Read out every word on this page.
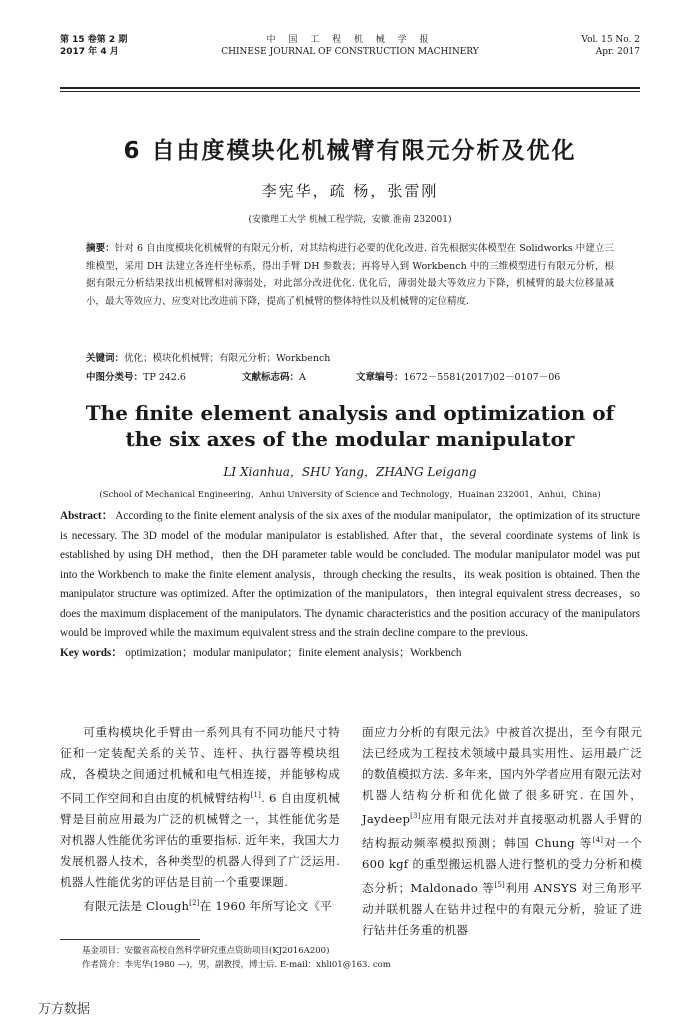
第 15 卷第 2 期
2017 年 4 月
中 国 工 程 机 械 学 报
CHINESE JOURNAL OF CONSTRUCTION MACHINERY
Vol. 15 No. 2
Apr. 2017
6 自由度模块化机械臂有限元分析及优化
李宪华，疏 杨，张雷刚
(安徽理工大学 机械工程学院，安徽 淮南 232001)
摘要：针对 6 自由度模块化机械臂的有限元分析，对其结构进行必要的优化改进. 首先根据实体模型在 Solidworks 中建立三维模型，采用 DH 法建立各连杆坐标系，得出手臂 DH 参数表；再将导入到 Workbench 中的三维模型进行有限元分析，根据有限元分析结果找出机械臂相对薄弱处，对此部分改进优化. 优化后，薄弱处最大等效应力下降，机械臂的最大位移量减小，最大等效应力、应变对比改进前下降，提高了机械臂的整体特性以及机械臂的定位精度.
关键词：优化；模块化机械臂；有限元分析；Workbench
中图分类号：TP 242.6	文献标志码：A	文章编号：1672－5581(2017)02－0107－06
The finite element analysis and optimization of
the six axes of the modular manipulator
LI Xianhua，SHU Yang，ZHANG Leigang
(School of Mechanical Engineering，Anhui University of Science and Technology，Huainan 232001，Anhui，China)
Abstract： According to the finite element analysis of the six axes of the modular manipulator，the optimization of its structure is necessary. The 3D model of the modular manipulator is established. After that，the several coordinate systems of link is established by using DH method，then the DH parameter table would be concluded. The modular manipulator model was put into the Workbench to make the finite element analysis，through checking the results，its weak position is obtained. Then the manipulator structure was optimized. After the optimization of the manipulators，then integral equivalent stress decreases，so does the maximum displacement of the manipulators. The dynamic characteristics and the position accuracy of the manipulators would be improved while the maximum equivalent stress and the strain decline compare to the previous.
Key words： optimization；modular manipulator；finite element analysis；Workbench

可重构模块化手臂由一系列具有不同功能尺寸特征和一定装配关系的关节、连杆、执行器等模块组成，各模块之间通过机械和电气相连接，并能够构成不同工作空间和自由度的机械臂结构[1]. 6 自由度机械臂是目前应用最为广泛的机械臂之一，其性能优劣是对机器人性能优劣评估的重要指标. 近年来，我国大力发展机器人技术，各种类型的机器人得到了广泛运用. 机器人性能优劣的评估是目前一个重要课题.

有限元法是 Clough[2]在 1960 年所写论文《平

面应力分析的有限元法》中被首次提出，至今有限元法已经成为工程技术领域中最具实用性、运用最广泛的数值模拟方法. 多年来，国内外学者应用有限元法对机器人结构分析和优化做了很多研究. 在国外，Jaydeep[3]应用有限元法对并直接驱动机器人手臂的结构振动频率模拟预测；韩国 Chung 等[4]对一个 600 kgf 的重型搬运机器人进行整机的受力分析和模态分析；Maldonado 等[5]利用 ANSYS 对三角形平动并联机器人在钻井过程中的有限元分析，验证了进行钻井任务重的机器

基金项目：安徽省高校自然科学研究重点资助项目(KJ2016A200)
作者简介：李宪华(1980 —)，男，副教授，博士后. E-mail：xhli01@163. com
万方数据
